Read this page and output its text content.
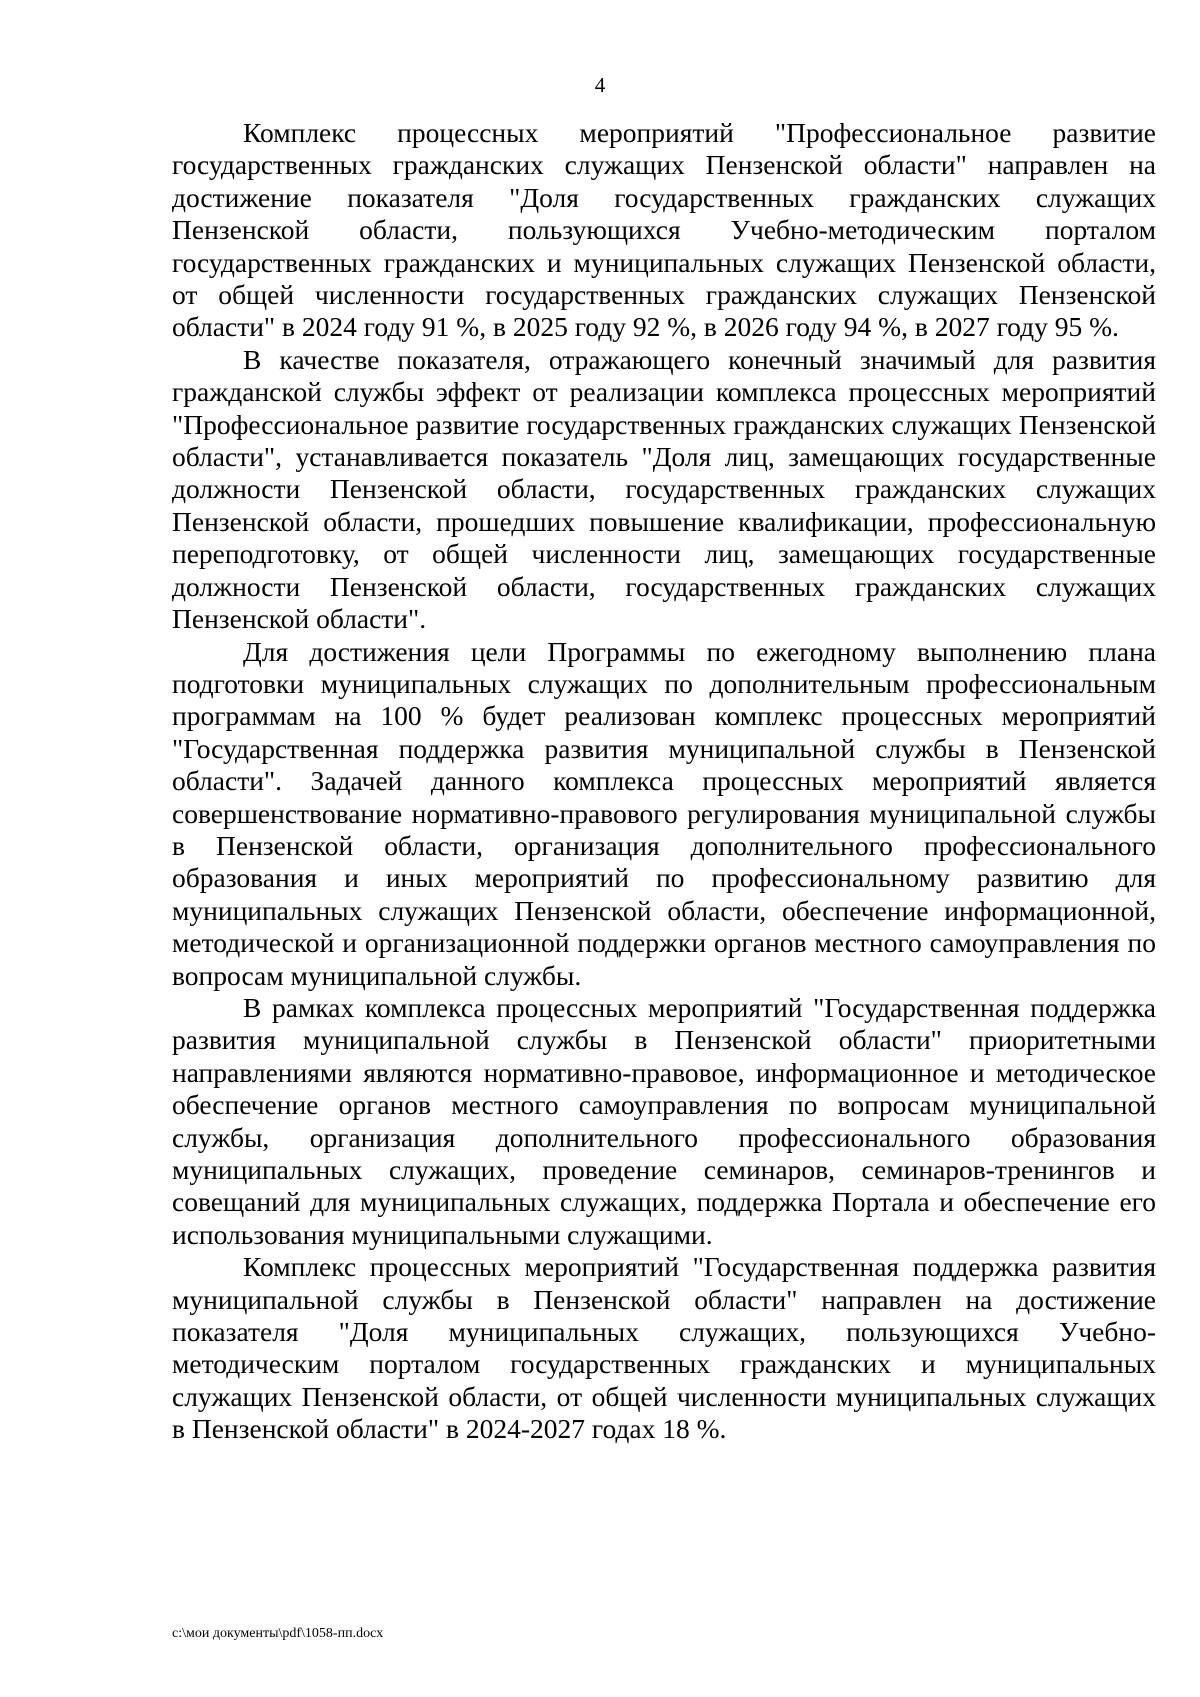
4

Комплекс процессных мероприятий "Профессиональное развитие государственных гражданских служащих Пензенской области" направлен на достижение показателя "Доля государственных гражданских служащих Пензенской области, пользующихся Учебно-методическим порталом государственных гражданских и муниципальных служащих Пензенской области, от общей численности государственных гражданских служащих Пензенской области" в 2024 году 91 %, в 2025 году 92 %, в 2026 году 94 %, в 2027 году 95 %.

В качестве показателя, отражающего конечный значимый для развития гражданской службы эффект от реализации комплекса процессных мероприятий "Профессиональное развитие государственных гражданских служащих Пензенской области", устанавливается показатель "Доля лиц, замещающих государственные должности Пензенской области, государственных гражданских служащих Пензенской области, прошедших повышение квалификации, профессиональную переподготовку, от общей численности лиц, замещающих государственные должности Пензенской области, государственных гражданских служащих Пензенской области".

Для достижения цели Программы по ежегодному выполнению плана подготовки муниципальных служащих по дополнительным профессиональным программам на 100 % будет реализован комплекс процессных мероприятий "Государственная поддержка развития муниципальной службы в Пензенской области". Задачей данного комплекса процессных мероприятий является совершенствование нормативно-правового регулирования муниципальной службы в Пензенской области, организация дополнительного профессионального образования и иных мероприятий по профессиональному развитию для муниципальных служащих Пензенской области, обеспечение информационной, методической и организационной поддержки органов местного самоуправления по вопросам муниципальной службы.

В рамках комплекса процессных мероприятий "Государственная поддержка развития муниципальной службы в Пензенской области" приоритетными направлениями являются нормативно-правовое, информационное и методическое обеспечение органов местного самоуправления по вопросам муниципальной службы, организация дополнительного профессионального образования муниципальных служащих, проведение семинаров, семинаров-тренингов и совещаний для муниципальных служащих, поддержка Портала и обеспечение его использования муниципальными служащими.

Комплекс процессных мероприятий "Государственная поддержка развития муниципальной службы в Пензенской области" направлен на достижение показателя "Доля муниципальных служащих, пользующихся Учебно-методическим порталом государственных гражданских и муниципальных служащих Пензенской области, от общей численности муниципальных служащих в Пензенской области" в 2024-2027 годах 18 %.

c:\мои документы\pdf\1058-пп.docx
